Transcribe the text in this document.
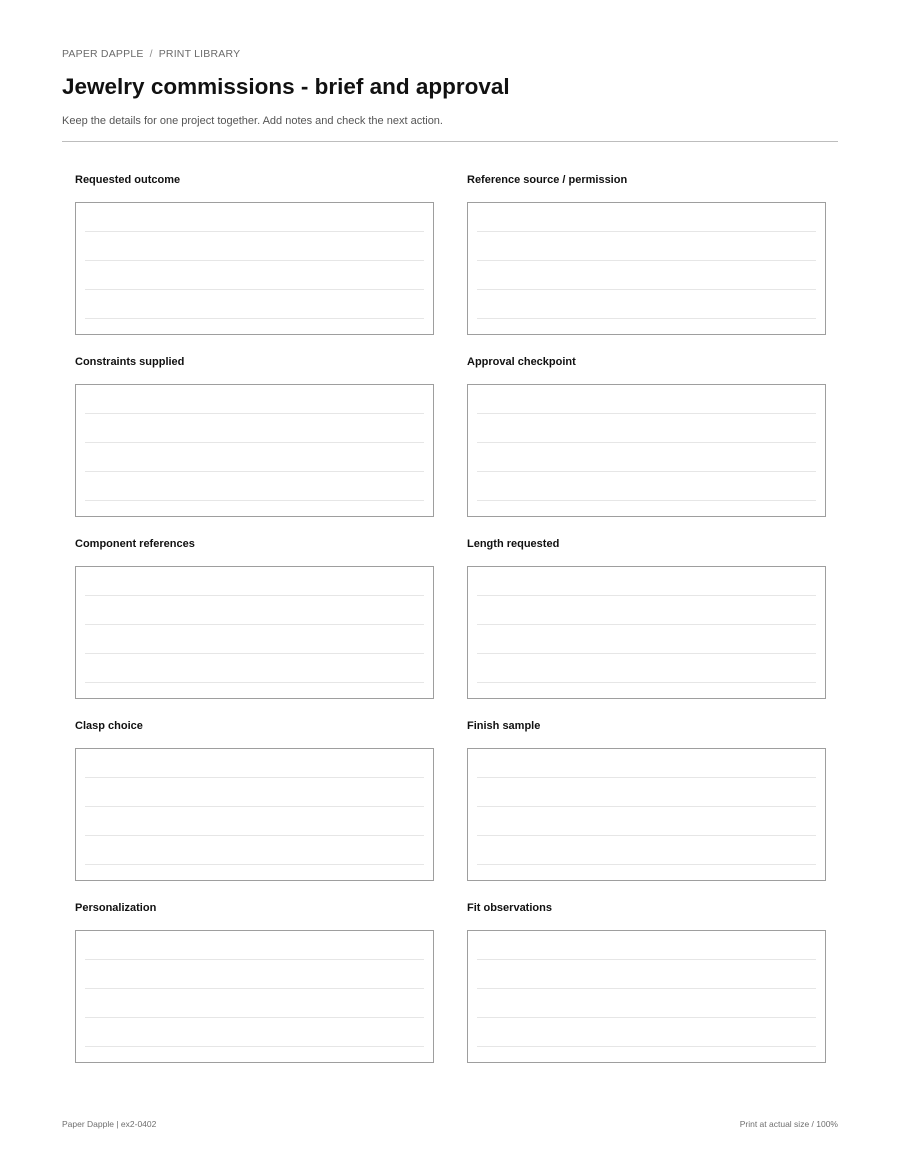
PAPER DAPPLE / PRINT LIBRARY
Jewelry commissions - brief and approval

Keep the details for one project together. Add notes and check the next action.

Requested outcome	Reference source / permission
Constraints supplied	Approval checkpoint
Component references	Length requested
Clasp choice	Finish sample
Personalization	Fit observations
Paper Dapple | ex2-0402	Print at actual size / 100%
